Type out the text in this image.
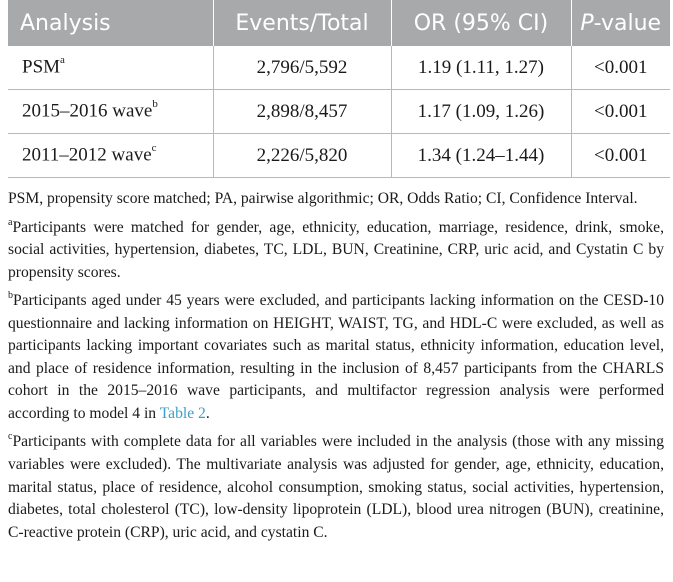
Analysis	Events/Total	OR (95% CI)	P-value
PSM$^a$	2,796/5,592	1.19 (1.11, 1.27)	<0.001
2015–2016 wave$^b$	2,898/8,457	1.17 (1.09, 1.26)	<0.001
2011–2012 wave$^c$	2,226/5,820	1.34 (1.24–1.44)	<0.001

PSM, propensity score matched; PA, pairwise algorithmic; OR, Odds Ratio; CI, Confidence Interval.

$^a$Participants were matched for gender, age, ethnicity, education, marriage, residence, drink, smoke, social activities, hypertension, diabetes, TC, LDL, BUN, Creatinine, CRP, uric acid, and Cystatin C by propensity scores.

$^b$Participants aged under 45 years were excluded, and participants lacking information on the CESD-10 questionnaire and lacking information on HEIGHT, WAIST, TG, and HDL-C were excluded, as well as participants lacking important covariates such as marital status, ethnicity information, education level, and place of residence information, resulting in the inclusion of 8,457 participants from the CHARLS cohort in the 2015–2016 wave participants, and multifactor regression analysis were performed according to model 4 in Table 2.

$^c$Participants with complete data for all variables were included in the analysis (those with any missing variables were excluded). The multivariate analysis was adjusted for gender, age, ethnicity, education, marital status, place of residence, alcohol consumption, smoking status, social activities, hypertension, diabetes, total cholesterol (TC), low-density lipoprotein (LDL), blood urea nitrogen (BUN), creatinine, C-reactive protein (CRP), uric acid, and cystatin C.
